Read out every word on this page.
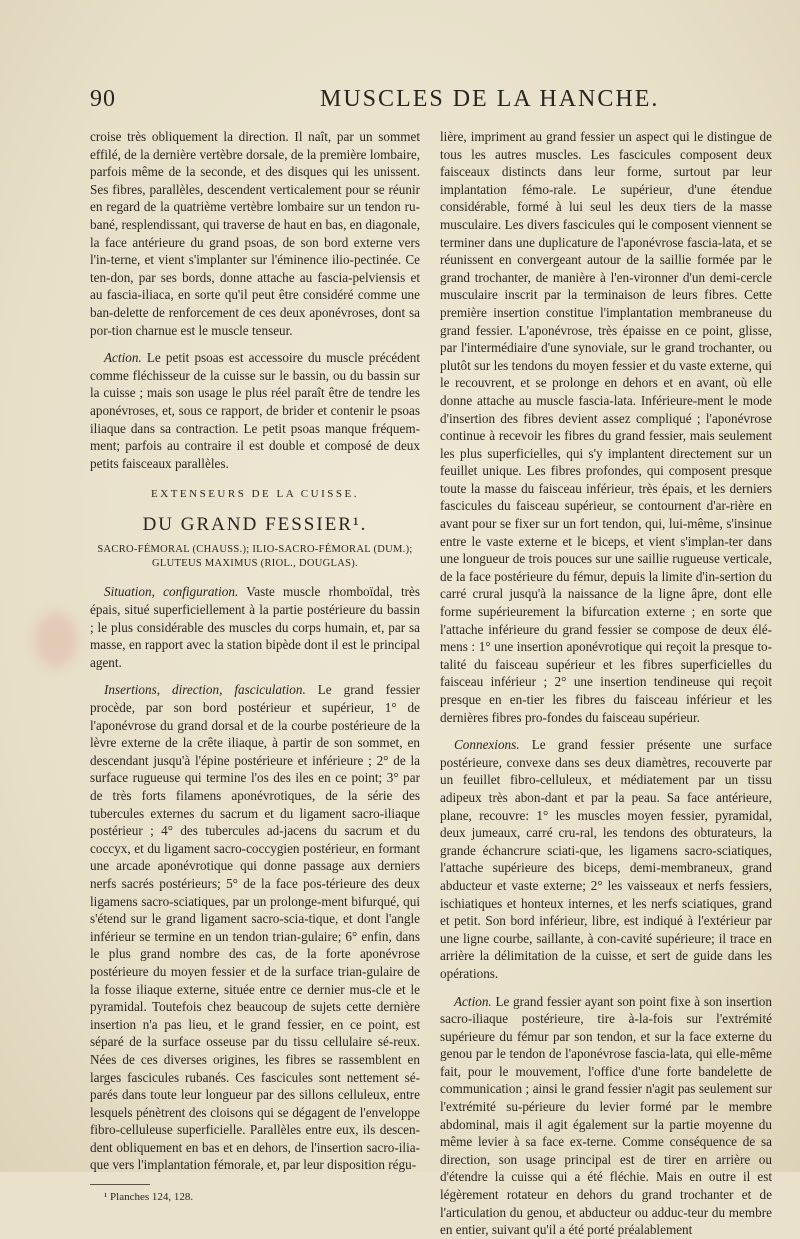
90	MUSCLES DE LA HANCHE.

croise très obliquement la direction. Il naît, par un sommet effilé, de la dernière vertèbre dorsale, de la première lombaire, parfois même de la seconde, et des disques qui les unissent. Ses fibres, parallèles, descendent verticalement pour se réunir en regard de la quatrième vertèbre lombaire sur un tendon ru-bané, resplendissant, qui traverse de haut en bas, en diagonale, la face antérieure du grand psoas, de son bord externe vers l'in-terne, et vient s'implanter sur l'éminence ilio-pectinée. Ce ten-don, par ses bords, donne attache au fascia-pelviensis et au fascia-iliaca, en sorte qu'il peut être considéré comme une ban-delette de renforcement de ces deux aponévroses, dont sa por-tion charnue est le muscle tenseur.

Action. Le petit psoas est accessoire du muscle précédent comme fléchisseur de la cuisse sur le bassin, ou du bassin sur la cuisse ; mais son usage le plus réel paraît être de tendre les aponévroses, et, sous ce rapport, de brider et contenir le psoas iliaque dans sa contraction. Le petit psoas manque fréquem-ment; parfois au contraire il est double et composé de deux petits faisceaux parallèles.

EXTENSEURS DE LA CUISSE.
DU GRAND FESSIER¹.
SACRO-FÉMORAL (CHAUSS.); ILIO-SACRO-FÉMORAL (DUM.); GLUTEUS MAXIMUS (RIOL., DOUGLAS).

Situation, configuration. Vaste muscle rhomboïdal, très épais, situé superficiellement à la partie postérieure du bassin ; le plus considérable des muscles du corps humain, et, par sa masse, en rapport avec la station bipède dont il est le principal agent.

Insertions, direction, fasciculation. Le grand fessier procède, par son bord postérieur et supérieur, 1° de l'aponévrose du grand dorsal et de la courbe postérieure de la lèvre externe de la crête iliaque, à partir de son sommet, en descendant jusqu'à l'épine postérieure et inférieure ; 2° de la surface rugueuse qui termine l'os des iles en ce point; 3° par de très forts filamens aponévrotiques, de la série des tubercules externes du sacrum et du ligament sacro-iliaque postérieur ; 4° des tubercules ad-jacens du sacrum et du coccyx, et du ligament sacro-coccygien postérieur, en formant une arcade aponévrotique qui donne passage aux derniers nerfs sacrés postérieurs; 5° de la face pos-térieure des deux ligamens sacro-sciatiques, par un prolonge-ment bifurqué, qui s'étend sur le grand ligament sacro-scia-tique, et dont l'angle inférieur se termine en un tendon trian-gulaire; 6° enfin, dans le plus grand nombre des cas, de la forte aponévrose postérieure du moyen fessier et de la surface trian-gulaire de la fosse iliaque externe, située entre ce dernier mus-cle et le pyramidal. Toutefois chez beaucoup de sujets cette dernière insertion n'a pas lieu, et le grand fessier, en ce point, est séparé de la surface osseuse par du tissu cellulaire sé-reux. Nées de ces diverses origines, les fibres se rassemblent en larges fascicules rubanés. Ces fascicules sont nettement sé-parés dans toute leur longueur par des sillons celluleux, entre lesquels pénètrent des cloisons qui se dégagent de l'enveloppe fibro-celluleuse superficielle. Parallèles entre eux, ils descen-dent obliquement en bas et en dehors, de l'insertion sacro-ilia-que vers l'implantation fémorale, et, par leur disposition régu-

¹ Planches 124, 128.

lière, impriment au grand fessier un aspect qui le distingue de tous les autres muscles. Les fascicules composent deux faisceaux distincts dans leur forme, surtout par leur implantation fémo-rale. Le supérieur, d'une étendue considérable, formé à lui seul les deux tiers de la masse musculaire. Les divers fascicules qui le composent viennent se terminer dans une duplicature de l'aponévrose fascia-lata, et se réunissent en convergeant autour de la saillie formée par le grand trochanter, de manière à l'en-vironner d'un demi-cercle musculaire inscrit par la terminaison de leurs fibres. Cette première insertion constitue l'implantation membraneuse du grand fessier. L'aponévrose, très épaisse en ce point, glisse, par l'intermédiaire d'une synoviale, sur le grand trochanter, ou plutôt sur les tendons du moyen fessier et du vaste externe, qui le recouvrent, et se prolonge en dehors et en avant, où elle donne attache au muscle fascia-lata. Inférieure-ment le mode d'insertion des fibres devient assez compliqué ; l'aponévrose continue à recevoir les fibres du grand fessier, mais seulement les plus superficielles, qui s'y implantent directement sur un feuillet unique. Les fibres profondes, qui composent presque toute la masse du faisceau inférieur, très épais, et les derniers fascicules du faisceau supérieur, se contournent d'ar-rière en avant pour se fixer sur un fort tendon, qui, lui-même, s'insinue entre le vaste externe et le biceps, et vient s'implan-ter dans une longueur de trois pouces sur une saillie rugueuse verticale, de la face postérieure du fémur, depuis la limite d'in-sertion du carré crural jusqu'à la naissance de la ligne âpre, dont elle forme supérieurement la bifurcation externe ; en sorte que l'attache inférieure du grand fessier se compose de deux élé-mens : 1° une insertion aponévrotique qui reçoit la presque to-talité du faisceau supérieur et les fibres superficielles du faisceau inférieur ; 2° une insertion tendineuse qui reçoit presque en en-tier les fibres du faisceau inférieur et les dernières fibres pro-fondes du faisceau supérieur.

Connexions. Le grand fessier présente une surface postérieure, convexe dans ses deux diamètres, recouverte par un feuillet fibro-celluleux, et médiatement par un tissu adipeux très abon-dant et par la peau. Sa face antérieure, plane, recouvre: 1° les muscles moyen fessier, pyramidal, deux jumeaux, carré cru-ral, les tendons des obturateurs, la grande échancrure sciati-que, les ligamens sacro-sciatiques, l'attache supérieure des biceps, demi-membraneux, grand abducteur et vaste externe; 2° les vaisseaux et nerfs fessiers, ischiatiques et honteux internes, et les nerfs sciatiques, grand et petit. Son bord inférieur, libre, est indiqué à l'extérieur par une ligne courbe, saillante, à con-cavité supérieure; il trace en arrière la délimitation de la cuisse, et sert de guide dans les opérations.

Action. Le grand fessier ayant son point fixe à son insertion sacro-iliaque postérieure, tire à-la-fois sur l'extrémité supérieure du fémur par son tendon, et sur la face externe du genou par le tendon de l'aponévrose fascia-lata, qui elle-même fait, pour le mouvement, l'office d'une forte bandelette de communication ; ainsi le grand fessier n'agit pas seulement sur l'extrémité su-périeure du levier formé par le membre abdominal, mais il agit également sur la partie moyenne du même levier à sa face ex-terne. Comme conséquence de sa direction, son usage principal est de tirer en arrière ou d'étendre la cuisse qui a été fléchie. Mais en outre il est légèrement rotateur en dehors du grand trochanter et de l'articulation du genou, et abducteur ou adduc-teur du membre en entier, suivant qu'il a été porté préalablement
